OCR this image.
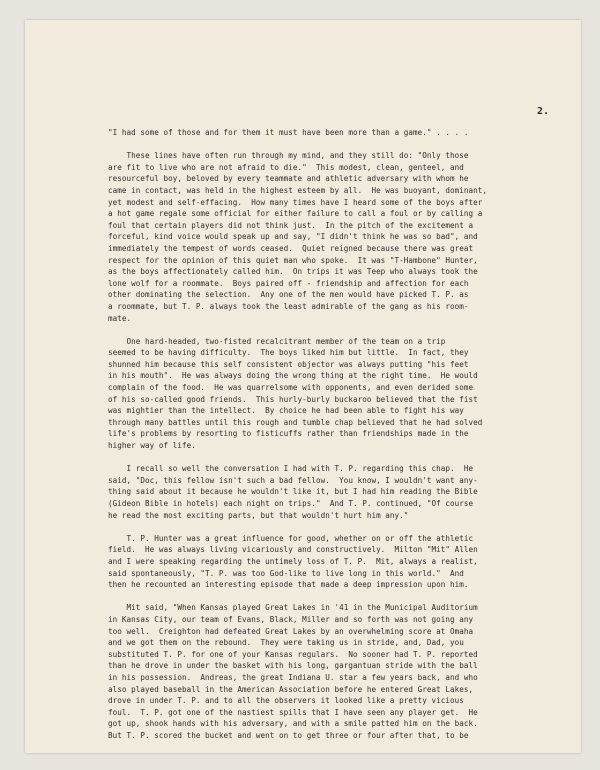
2.
"I had some of those and for them it must have been more than a game." . . . .
These lines have often run through my mind, and they still do: "Only those
are fit to live who are not afraid to die."  This modest, clean, genteel, and
resourceful boy, beloved by every teammate and athletic adversary with whom he
came in contact, was held in the highest esteem by all.  He was buoyant, dominant,
yet modest and self-effacing.  How many times have I heard some of the boys after
a hot game regale some official for either failure to call a foul or by calling a
foul that certain players did not think just.  In the pitch of the excitement a
forceful, kind voice would speak up and say, "I didn't think he was so bad", and
immediately the tempest of words ceased.  Quiet reigned because there was great
respect for the opinion of this quiet man who spoke.  It was "T-Hambone" Hunter,
as the boys affectionately called him.  On trips it was Teep who always took the
lone wolf for a roommate.  Boys paired off - friendship and affection for each
other dominating the selection.  Any one of the men would have picked T. P. as
a roommate, but T. P. always took the least admirable of the gang as his room-
mate.
One hard-headed, two-fisted recalcitrant member of the team on a trip
seemed to be having difficulty.  The boys liked him but little.  In fact, they
shunned him because this self consistent objector was always putting "his feet
in his mouth".  He was always doing the wrong thing at the right time.  He would
complain of the food.  He was quarrelsome with opponents, and even derided some
of his so-called good friends.  This hurly-burly buckaroo believed that the fist
was mightier than the intellect.  By choice he had been able to fight his way
through many battles until this rough and tumble chap believed that he had solved
life's problems by resorting to fisticuffs rather than friendships made in the
higher way of life.
I recall so well the conversation I had with T. P. regarding this chap.  He
said, "Doc, this fellow isn't such a bad fellow.  You know, I wouldn't want any-
thing said about it because he wouldn't like it, but I had him reading the Bible
(Gideon Bible in hotels) each night on trips."  And T. P. continued, "Of course
he read the most exciting parts, but that wouldn't hurt him any."
T. P. Hunter was a great influence for good, whether on or off the athletic
field.  He was always living vicariously and constructively.  Milton "Mit" Allen
and I were speaking regarding the untimely loss of T. P.  Mit, always a realist,
said spontaneously, "T. P. was too God-like to live long in this world."  And
then he recounted an interesting episode that made a deep impression upon him.
Mit said, "When Kansas played Great Lakes in '41 in the Municipal Auditorium
in Kansas City, our team of Evans, Black, Miller and so forth was not going any
too well.  Creighton had defeated Great Lakes by an overwhelming score at Omaha
and we got them on the rebound.  They were taking us in stride, and, Dad, you
substituted T. P. for one of your Kansas regulars.  No sooner had T. P. reported
than he drove in under the basket with his long, gargantuan stride with the ball
in his possession.  Andreas, the great Indiana U. star a few years back, and who
also played baseball in the American Association before he entered Great Lakes,
drove in under T. P. and to all the observers it looked like a pretty vicious
foul.  T. P. got one of the nastiest spills that I have seen any player get.  He
got up, shook hands with his adversary, and with a smile patted him on the back.
But T. P. scored the bucket and went on to get three or four after that, to be
